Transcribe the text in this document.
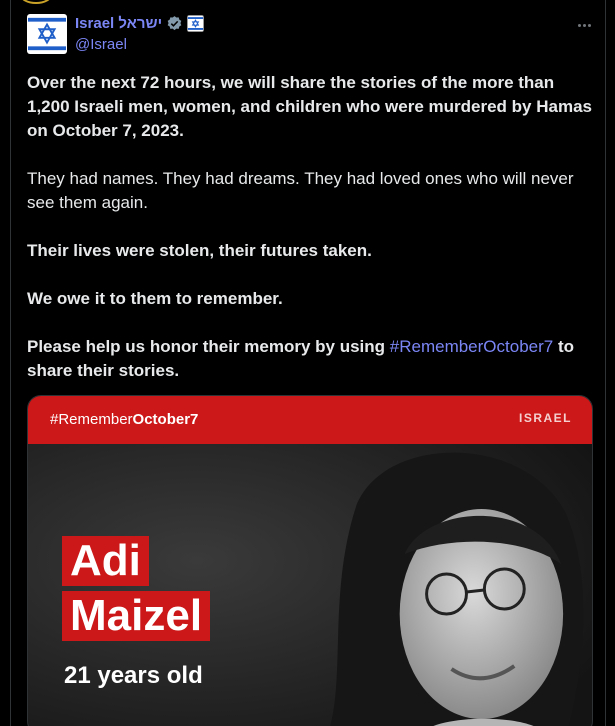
Israel ישראל
@Israel

Over the next 72 hours, we will share the stories of the more than 1,200 Israeli men, women, and children who were murdered by Hamas on October 7, 2023.

They had names. They had dreams. They had loved ones who will never see them again.

Their lives were stolen, their futures taken.

We owe it to them to remember.

Please help us honor their memory by using #RememberOctober7 to share their stories.

#RememberOctober7	ISRAEL
Adi
Maizel
21 years old
